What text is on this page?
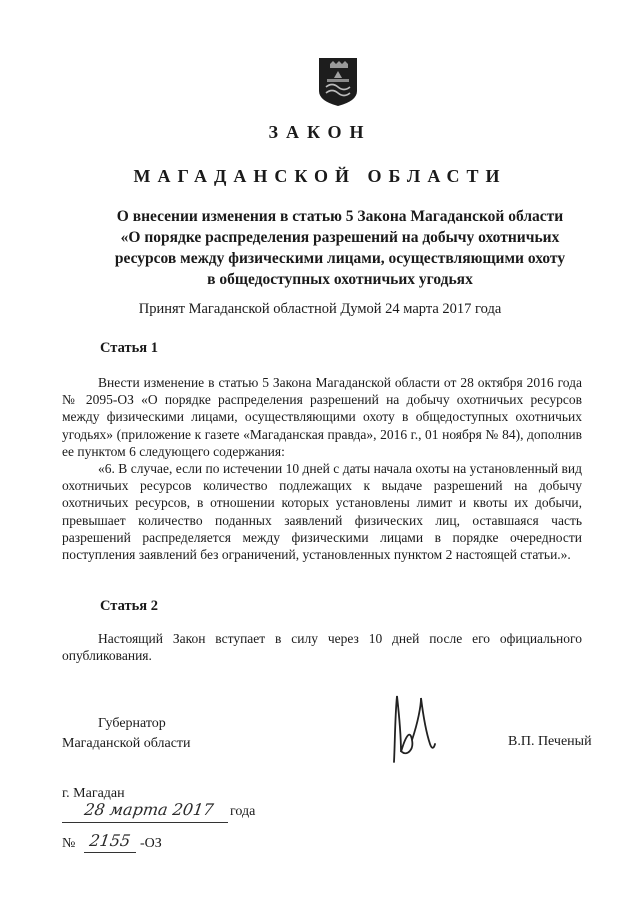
ЗАКОН
МАГАДАНСКОЙ ОБЛАСТИ
О внесении изменения в статью 5 Закона Магаданской области
«О порядке распределения разрешений на добычу охотничьих
ресурсов между физическими лицами, осуществляющими охоту
в общедоступных охотничьих угодьях
Принят Магаданской областной Думой 24 марта 2017 года
Статья 1

Внести изменение в статью 5 Закона Магаданской области от 28 октября 2016 года № 2095-ОЗ «О порядке распределения разрешений на добычу охотничьих ресурсов между физическими лицами, осуществляющими охоту в общедоступных охотничьих угодьях» (приложение к газете «Магаданская правда», 2016 г., 01 ноября № 84), дополнив ее пунктом 6 следующего содержания:

«6. В случае, если по истечении 10 дней с даты начала охоты на установленный вид охотничьих ресурсов количество подлежащих к выдаче разрешений на добычу охотничьих ресурсов, в отношении которых установлены лимит и квоты их добычи, превышает количество поданных заявлений физических лиц, оставшаяся часть разрешений распределяется между физическими лицами в порядке очередности поступления заявлений без ограничений, установленных пунктом 2 настоящей статьи.».

Статья 2

Настоящий Закон вступает в силу через 10 дней после его официального опубликования.

Губернатор
Магаданской области	В.П. Печеный
г. Магадан
28 марта 2017	года
№ 2155 -ОЗ
